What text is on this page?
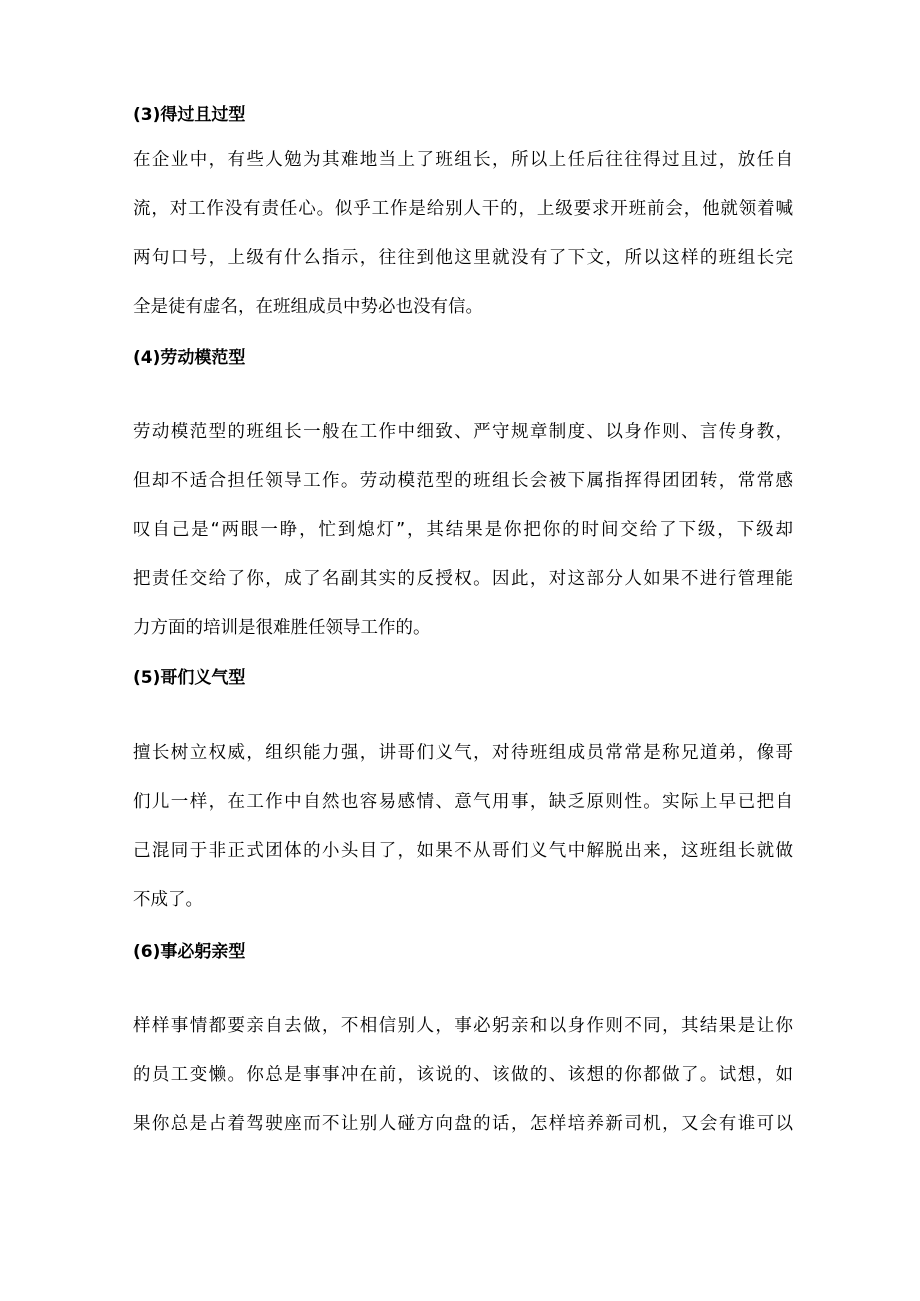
(3)得过且过型
在企业中，有些人勉为其难地当上了班组长，所以上任后往往得过且过，放任自
流，对工作没有责任心。似乎工作是给别人干的，上级要求开班前会，他就领着喊
两句口号，上级有什么指示，往往到他这里就没有了下文，所以这样的班组长完
全是徒有虚名，在班组成员中势必也没有信。
(4)劳动模范型
劳动模范型的班组长一般在工作中细致、严守规章制度、以身作则、言传身教，
但却不适合担任领导工作。劳动模范型的班组长会被下属指挥得团团转，常常感
叹自己是“两眼一睁，忙到熄灯”，其结果是你把你的时间交给了下级，下级却
把责任交给了你，成了名副其实的反授权。因此，对这部分人如果不进行管理能
力方面的培训是很难胜任领导工作的。
(5)哥们义气型
擅长树立权威，组织能力强，讲哥们义气，对待班组成员常常是称兄道弟，像哥
们儿一样，在工作中自然也容易感情、意气用事，缺乏原则性。实际上早已把自
己混同于非正式团体的小头目了，如果不从哥们义气中解脱出来，这班组长就做
不成了。
(6)事必躬亲型
样样事情都要亲自去做，不相信别人，事必躬亲和以身作则不同，其结果是让你
的员工变懒。你总是事事冲在前，该说的、该做的、该想的你都做了。试想，如
果你总是占着驾驶座而不让别人碰方向盘的话，怎样培养新司机，又会有谁可以
